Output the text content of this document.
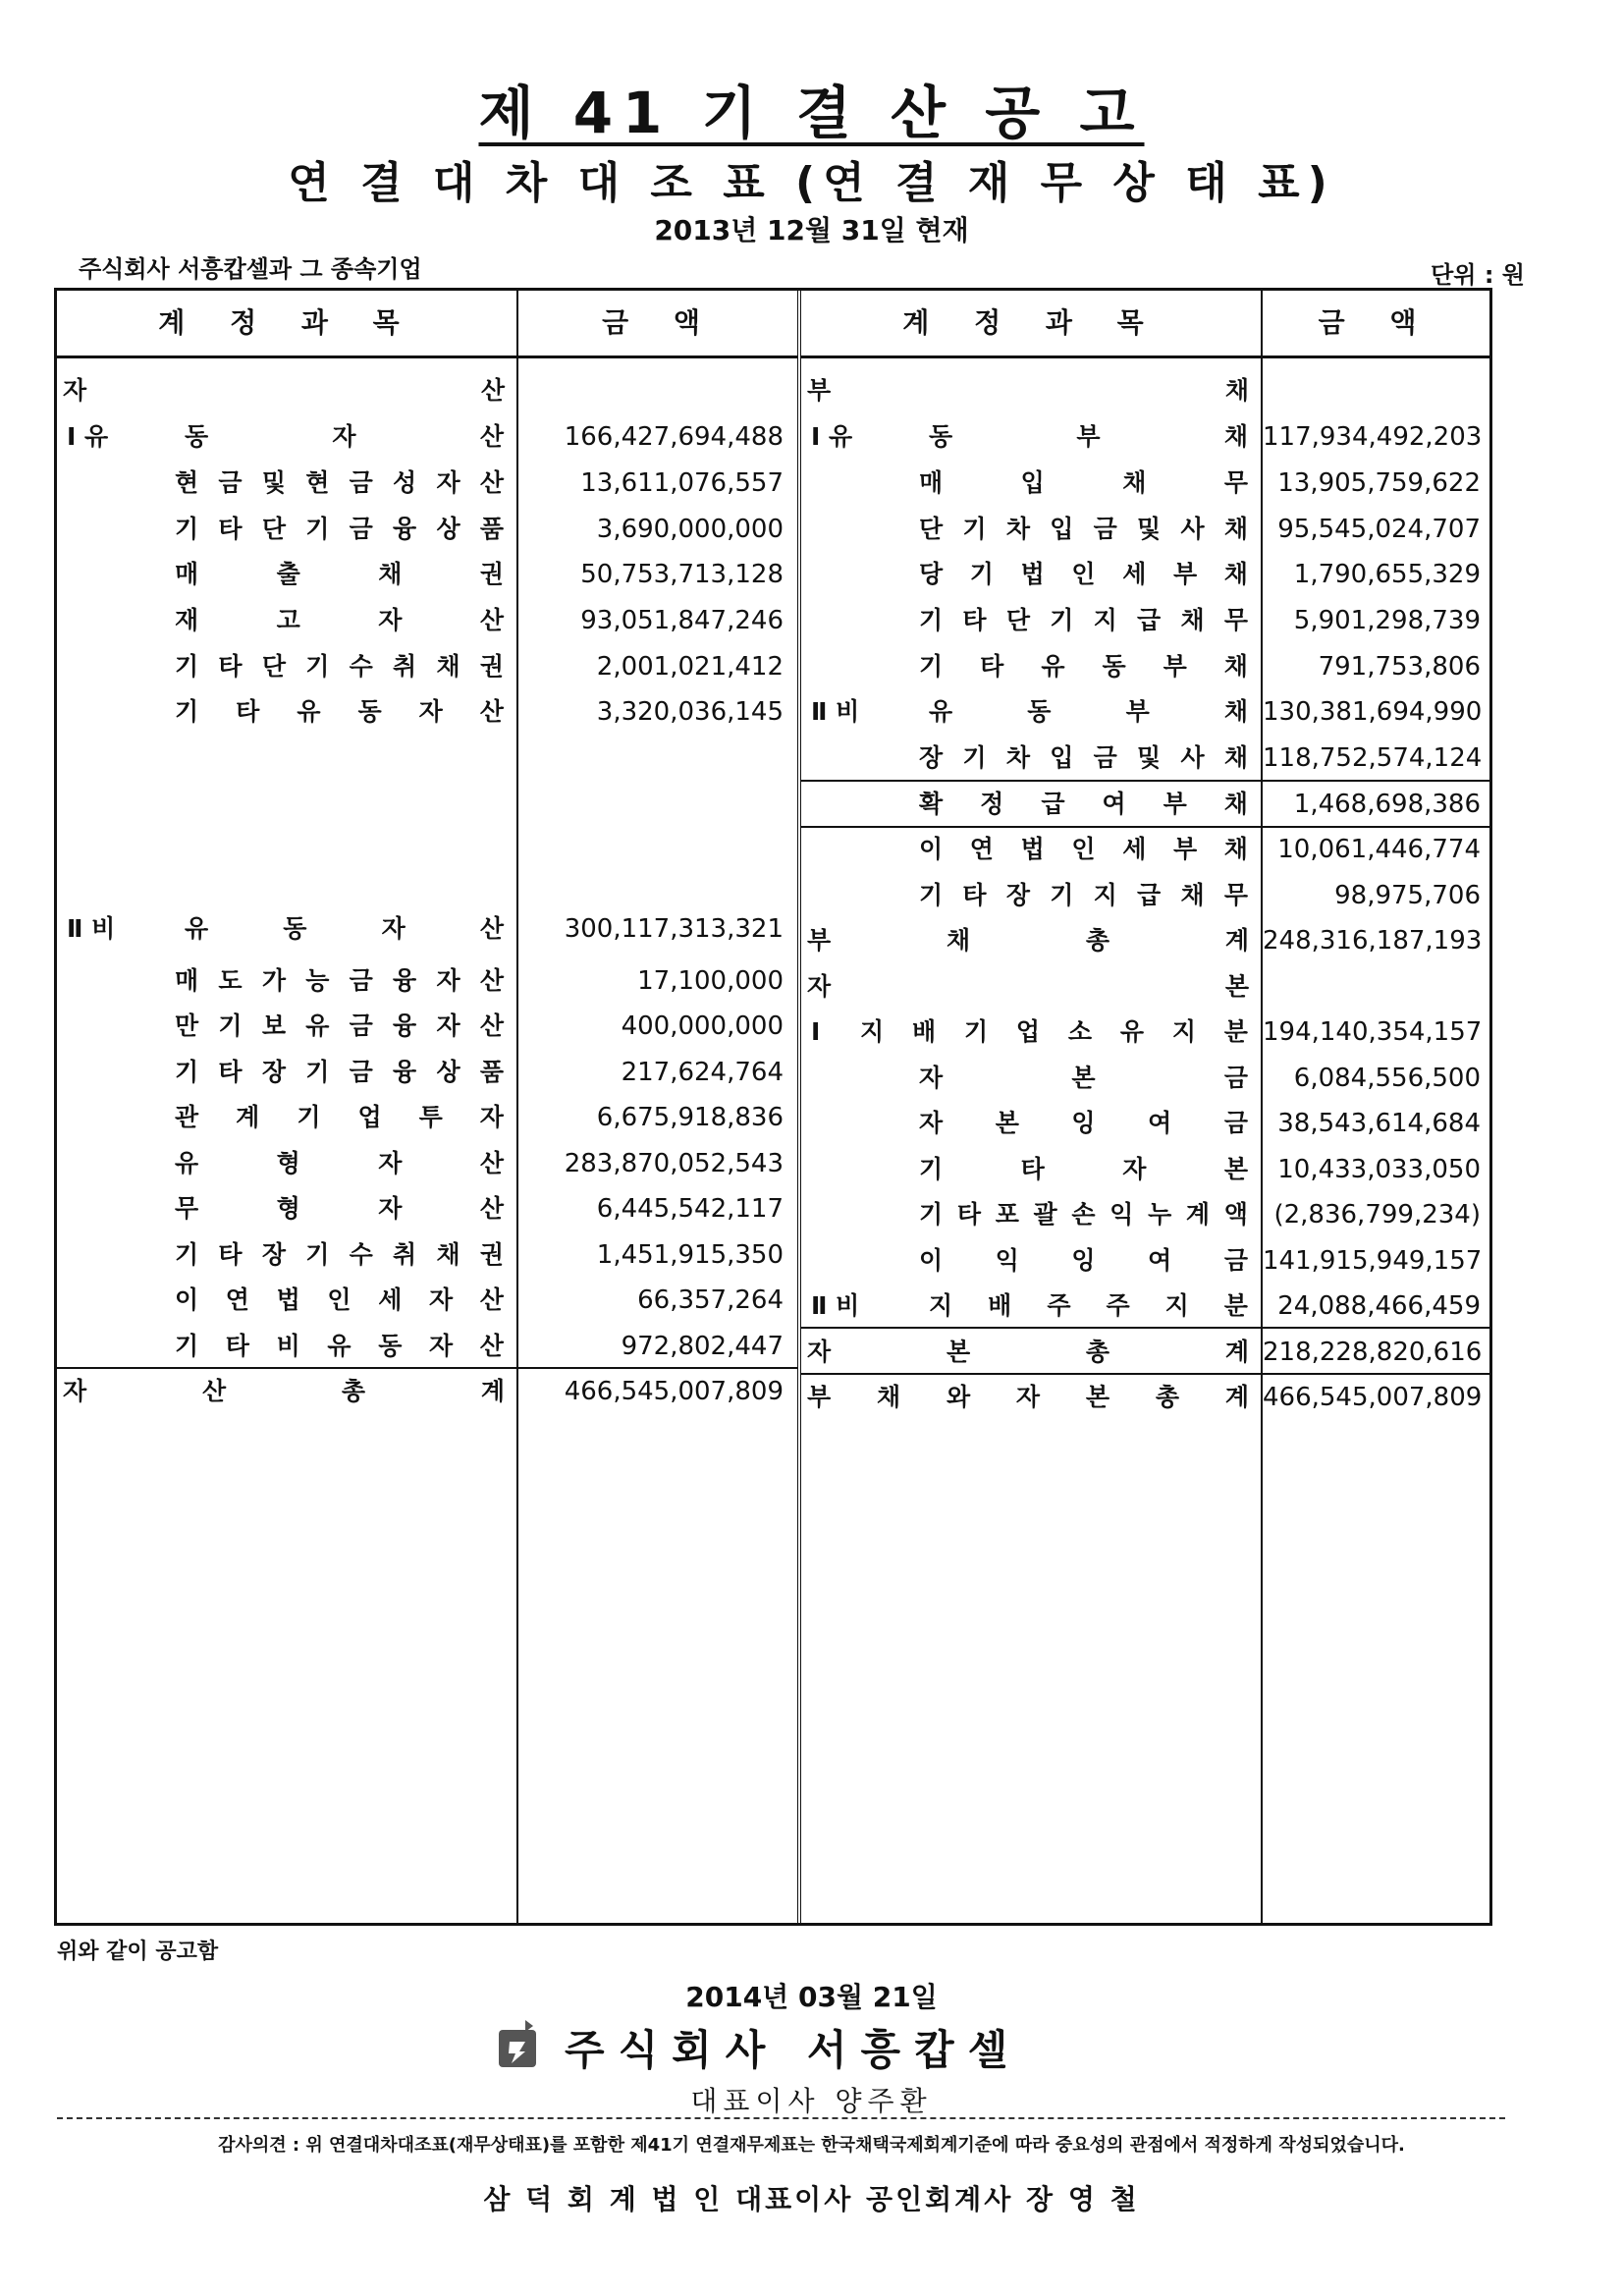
제 41 기 결 산 공 고
연 결 대 차 대 조 표 (연 결 재 무 상 태 표)
2013년 12월 31일 현재
주식회사 서흥캅셀과 그 종속기업	단위 : 원
계 정 과 목	금 액
자	산
Ⅰ 유	동	자	산	166,427,694,488
현 금 및 현 금 성 자 산	13,611,076,557
기 타 단 기 금 융 상 품	3,690,000,000
매	출	채	권	50,753,713,128
재	고	자	산	93,051,847,246
기 타 단 기 수 취 채 권	2,001,021,412
기 타 유 동 자 산	3,320,036,145
Ⅱ 비	유	동	자	산	300,117,313,321
매 도 가 능 금 융 자 산	17,100,000
만 기 보 유 금 융 자 산	400,000,000
기 타 장 기 금 융 상 품	217,624,764
관 계 기 업 투 자	6,675,918,836
유	형	자	산	283,870,052,543
무	형	자	산	6,445,542,117
기 타 장 기 수 취 채 권	1,451,915,350
이 연 법 인 세 자 산	66,357,264
기 타 비 유 동 자 산	972,802,447
자	산	총	계	466,545,007,809
계 정 과 목	금 액
부	채
Ⅰ 유	동	부	채 117,934,492,203
매	입	채	무	13,905,759,622
단 기 차 입 금 및 사 채	95,545,024,707
당 기 법 인 세 부 채	1,790,655,329
기 타 단 기 지 급 채 무	5,901,298,739
기 타 유 동 부 채	791,753,806
Ⅱ 비	유	동	부	채 130,381,694,990
장 기 차 입 금 및 사 채 118,752,574,124
확 정 급 여 부 채	1,468,698,386
이 연 법 인 세 부 채	10,061,446,774
기 타 장 기 지 급 채 무	98,975,706
부	채	총	계 248,316,187,193
자	본
Ⅰ 지 배 기 업 소 유 지 분 194,140,354,157
자	본	금	6,084,556,500
자 본 잉 여 금	38,543,614,684
기	타	자	본	10,433,033,050
기 타 포 괄 손 익 누 계 액	(2,836,799,234)
이 익 잉 여 금 141,915,949,157
Ⅱ 비	지 배 주 주 지 분	24,088,466,459
자	본	총	계 218,228,820,616
부 채 와 자 본 총 계 466,545,007,809
위와 같이 공고함
2014년 03월 21일
주식회사 서흥캅셀
대표이사 양주환
감사의견 : 위 연결대차대조표(재무상태표)를 포함한 제41기 연결재무제표는 한국채택국제회계기준에 따라 중요성의 관점에서 적정하게 작성되었습니다.
삼 덕 회 계 법 인 대표이사 공인회계사 장 영 철
